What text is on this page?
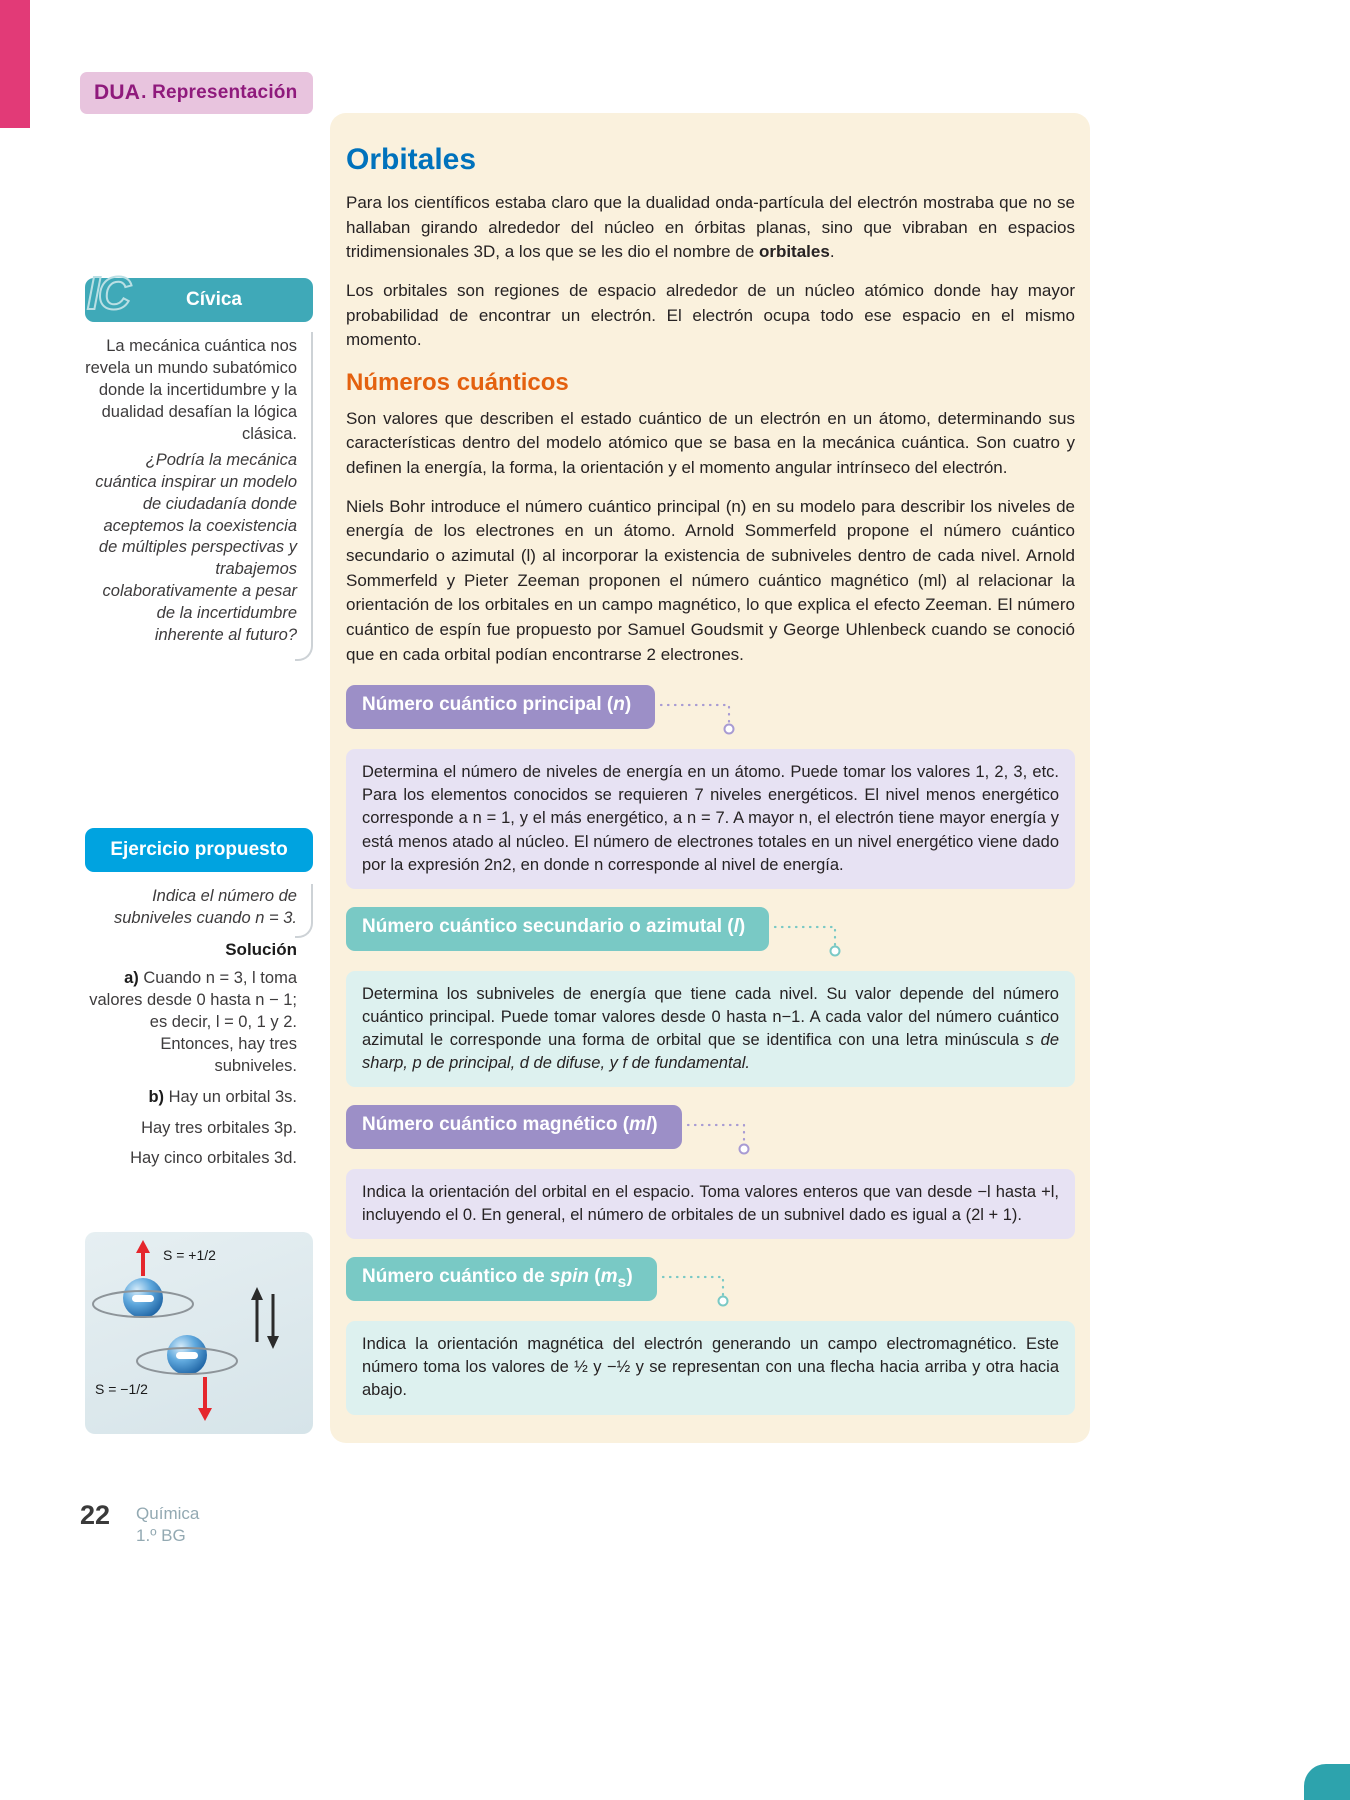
DUA . Representación
IC	Cívica

La mecánica cuántica nos revela un mundo subatómico donde la incertidumbre y la dualidad desafían la lógica clásica.

¿Podría la mecánica cuántica inspirar un modelo de ciudadanía donde aceptemos la coexistencia de múltiples perspectivas y trabajemos colaborativamente a pesar de la incertidumbre inherente al futuro?

Ejercicio propuesto
Indica el número de subniveles cuando n = 3.
Solución
a) Cuando n = 3, l toma valores desde 0 hasta n − 1; es decir, l = 0, 1 y 2. Entonces, hay tres subniveles.
b) Hay un orbital 3s.
Hay tres orbitales 3p.
Hay cinco orbitales 3d.
S = +1/2
S = −1/2
Orbitales

Para los científicos estaba claro que la dualidad onda-partícula del electrón mostraba que no se hallaban girando alrededor del núcleo en órbitas planas, sino que vibraban en espacios tridimensionales 3D, a los que se les dio el nombre de orbitales.

Los orbitales son regiones de espacio alrededor de un núcleo atómico donde hay mayor probabilidad de encontrar un electrón. El electrón ocupa todo ese espacio en el mismo momento.

Números cuánticos

Son valores que describen el estado cuántico de un electrón en un átomo, determinando sus características dentro del modelo atómico que se basa en la mecánica cuántica. Son cuatro y definen la energía, la forma, la orientación y el momento angular intrínseco del electrón.

Niels Bohr introduce el número cuántico principal (n) en su modelo para describir los niveles de energía de los electrones en un átomo. Arnold Sommerfeld propone el número cuántico secundario o azimutal (l) al incorporar la existencia de subniveles dentro de cada nivel. Arnold Sommerfeld y Pieter Zeeman proponen el número cuántico magnético (ml) al relacionar la orientación de los orbitales en un campo magnético, lo que explica el efecto Zeeman. El número cuántico de espín fue propuesto por Samuel Goudsmit y George Uhlenbeck cuando se conoció que en cada orbital podían encontrarse 2 electrones.

Número cuántico principal (n)
Determina el número de niveles de energía en un átomo. Puede tomar los valores 1, 2, 3, etc. Para los elementos conocidos se requieren 7 niveles energéticos. El nivel menos energético corresponde a n = 1, y el más energético, a n = 7. A mayor n, el electrón tiene mayor energía y está menos atado al núcleo. El número de electrones totales en un nivel energético viene dado por la expresión 2n2, en donde n corresponde al nivel de energía.
Número cuántico secundario o azimutal (l)
Determina los subniveles de energía que tiene cada nivel. Su valor depende del número cuántico principal. Puede tomar valores desde 0 hasta n−1. A cada valor del número cuántico azimutal le corresponde una forma de orbital que se identifica con una letra minúscula s de sharp, p de principal, d de difuse, y f de fundamental.
Número cuántico magnético (ml)
Indica la orientación del orbital en el espacio. Toma valores enteros que van desde −l hasta +l, incluyendo el 0. En general, el número de orbitales de un subnivel dado es igual a (2l + 1).
Número cuántico de spin $(m_s)$
Indica la orientación magnética del electrón generando un campo electromagnético. Este número toma los valores de ½ y −½ y se representan con una flecha hacia arriba y otra hacia abajo.
22 Química
1.º BG
